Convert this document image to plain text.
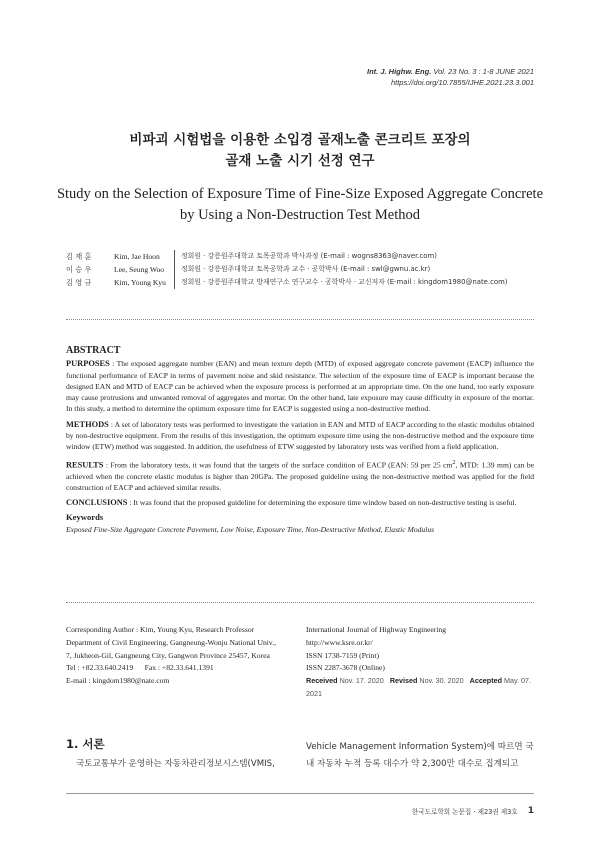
Int. J. Highw. Eng. Vol. 23 No. 3 : 1-8 JUNE 2021
https://doi.org/10.7855/IJHE.2021.23.3.001
비파괴 시험법을 이용한 소입경 골재노출 콘크리트 포장의
골재 노출 시기 선정 연구
Study on the Selection of Exposure Time of Fine-Size Exposed Aggregate Concrete
by Using a Non-Destruction Test Method
김 재 훈	Kim, Jae Hoon	정회원 · 강릉원주대학교 토목공학과 박사과정 (E-mail : wogns8363@naver.com)
이 승 우	Lee, Seung Woo	정회원 · 강릉원주대학교 토목공학과 교수 · 공학박사 (E-mail : swl@gwnu.ac.kr)
김 영 규	Kim, Young Kyu	정회원 · 강릉원주대학교 방재연구소 연구교수 · 공학박사 · 교신저자 (E-mail : kingdom1980@nate.com)
ABSTRACT

PURPOSES : The exposed aggregate number (EAN) and mean texture depth (MTD) of exposed aggregate concrete pavement (EACP) influence the functional performance of EACP in terms of pavement noise and skid resistance. The selection of the exposure time of EACP is important because the designed EAN and MTD of EACP can be achieved when the exposure process is performed at an appropriate time. On the one hand, too early exposure may cause protrusions and unwanted removal of aggregates and mortar. On the other hand, late exposure may cause difficulty in exposure of the mortar. In this study, a method to determine the optimum exposure time for EACP is suggested using a non-destructive method.

METHODS : A set of laboratory tests was performed to investigate the variation in EAN and MTD of EACP according to the elastic modulus obtained by non-destructive equipment. From the results of this investigation, the optimum exposure time using the non-destructive method and the exposure time window (ETW) method was suggested. In addition, the usefulness of ETW suggested by laboratory tests was verified from a field application.

RESULTS : From the laboratory tests, it was found that the targets of the surface condition of EACP (EAN: 59 per 25 $cm^2$, MTD: 1.39 mm) can be achieved when the concrete elastic modulus is higher than 20GPa. The proposed guideline using the non-destructive method was applied for the field construction of EACP and achieved similar results.

CONCLUSIONS : It was found that the proposed guideline for determining the exposure time window based on non-destructive testing is useful.

Keywords
Exposed Fine-Size Aggregate Concrete Pavement, Low Noise, Exposure Time, Non-Destructive Method, Elastic Modulus
Corresponding Author : Kim, Young Kyu, Research Professor
Department of Civil Engineering, Gangneung-Wonju National Univ.,
7, Jukheon-Gil, Gangneung City, Gangwon Province 25457, Korea
Tel : +82.33.640.2419      Fax : +82.33.641.1391
E-mail : kingdom1980@nate.com
International Journal of Highway Engineering
http://www.ksre.or.kr/
ISSN 1738-7159 (Print)
ISSN 2287-3678 (Online)
Received Nov. 17. 2020 Revised Nov. 30. 2020 Accepted May. 07. 2021
1. 서론
국토교통부가 운영하는 자동차관리정보시스템(VMIS,
Vehicle Management Information System)에 따르면 국
내 자동차 누적 등록 대수가 약 2,300만 대수로 집계되고
한국도로학회 논문집 · 제23권 제3호 1
